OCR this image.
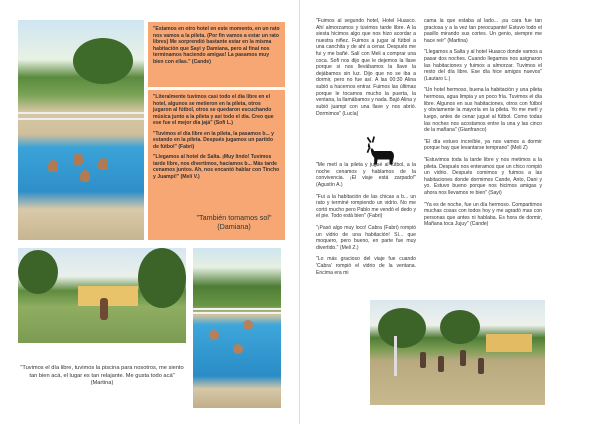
"Estamos en otro hotel en este momento, en un rato nos vamos a la pileta. (Por fin vamos a estar un rato libres) Me sorprendió bastante estar en la misma habitación que Sayi y Damiana, pero al final nos terminamos haciendo amigas! La pasamos muy bien con ellas." (Cande)

"Literalmente tuvimos casi todo el día libre en el hotel, algunos se metieron en la pileta, otros jugaron al fútbol, otros se quedaron escuchando música junto a la pileta y así todo el día. Creo que ese fue el mejor día jajá" (Sofi L.)

"Tuvimos el día libre en la pileta, la pasamos b... y estando en la pileta. Después jugamos un partido de fútbol" (Fabri)

"Llegamos al hotel de Salta. ¡Muy lindo! Tuvimos tarde libre, nos divertimos, hacíamos b... Más tarde cenamos juntos. Ah, nos encantó hablar con Tincho y Juampi!" (Meli V.)

"También tomamos sol" (Damiana)
"Tuvimos el día libre, tuvimos la piscina para nosotros, me siento tan bien acá, el lugar es tan relajante. Me gusta todo acá" (Martina)

"Fuimos al segundo hotel, Hotel Huasco. Ahí almorzamos y tuvimos tarde libre. A la siesta hicimos algo que nos hizo acordar a nuestra niñez. Fuimos a jugar al fútbol a una canchita y de ahí a cenar. Después me fui y me bañé. Salí con Meli a comprar una coca. Sofi nos dijo que le dejemos la llave porque si nos llevábamos la llave la dejábamos sin luz. Dijo que no se iba a dormir, pero no fue así. A las 00:30 Alina subió a hacernos entrar. Fuimos las últimas porque le tocamos mucho la puerta, la ventana, la llamábamos y nada. Bajó Alina y subió juampi con una llave y nos abrió. Dormimos" (Lucía)

"Me metí a la pileta y jugué al fútbol, a la noche cenamos y hablamos de la convivencia. ¡El viaje está zarpado!" (Agustín A.)

"Fui a la habitación de las chicas a b... un rato y terminé rompiendo un vidrio. No me cortó mucho pero Pablo me vendó el dedo y el pie. Todo está bien" (Fabri)

"¡Pasó algo muy loco! Cabra (Fabri) rompió un vidrio de una habitación! Sí... que moquero, pero bueno, en parte fue muy divertido." (Meli Z.)

"Lo más gracioso del viaje fue cuando 'Cabra' rompió el vidrio de la ventana. Encima era mi

cama la que estaba al lado... ¡su cara fue tan graciosa y a la vez tan preocupante! Estuvo todo el pasillo mirando sus cortes. Un genio, siempre me hace reír" (Martina)

"Llegamos a Salta y al hotel Huasco donde vamos a pasar dos noches. Cuando llegamos nos asignaron las habitaciones y fuimos a almorzar. Tuvimos el resto del día libre. Ese día hice amigos nuevos" (Lautaro L.)

"Un hotel hermoso, buena la habitación y una pileta hermosa, agua limpia y un poco fría. Tuvimos el día libre. Algunos en sus habitaciones, otros con fútbol y obviamente la mayoría en la pileta. Yo me metí y luego, antes de cenar jugué al fútbol. Como todas las noches nos acostamos entre la una y las cinco de la mañana" (Gianfranco)

"El día estuvo increíble, ya nos vamos a dormir porque hay que levantarse temprano" (Meli Z)

"Estuvimos toda la tarde libre y nos metimos a la pileta. Después nos enteramos que un chico rompió un vidrio. Después comimos y fuimos a las habitaciones donde dormimos Cande, Anto, Dani y yo. Estuvo bueno porque nos hicimos amigas y ahora nos llevamos re bien" (Sayi)

"Ya es de noche, fue un día hermoso. Compartimos muchas cosas con todos hoy y me agradó mas con personas que antes ni hablaba. Es hora de dormir, Mañana toca Jujuy" (Cande)
